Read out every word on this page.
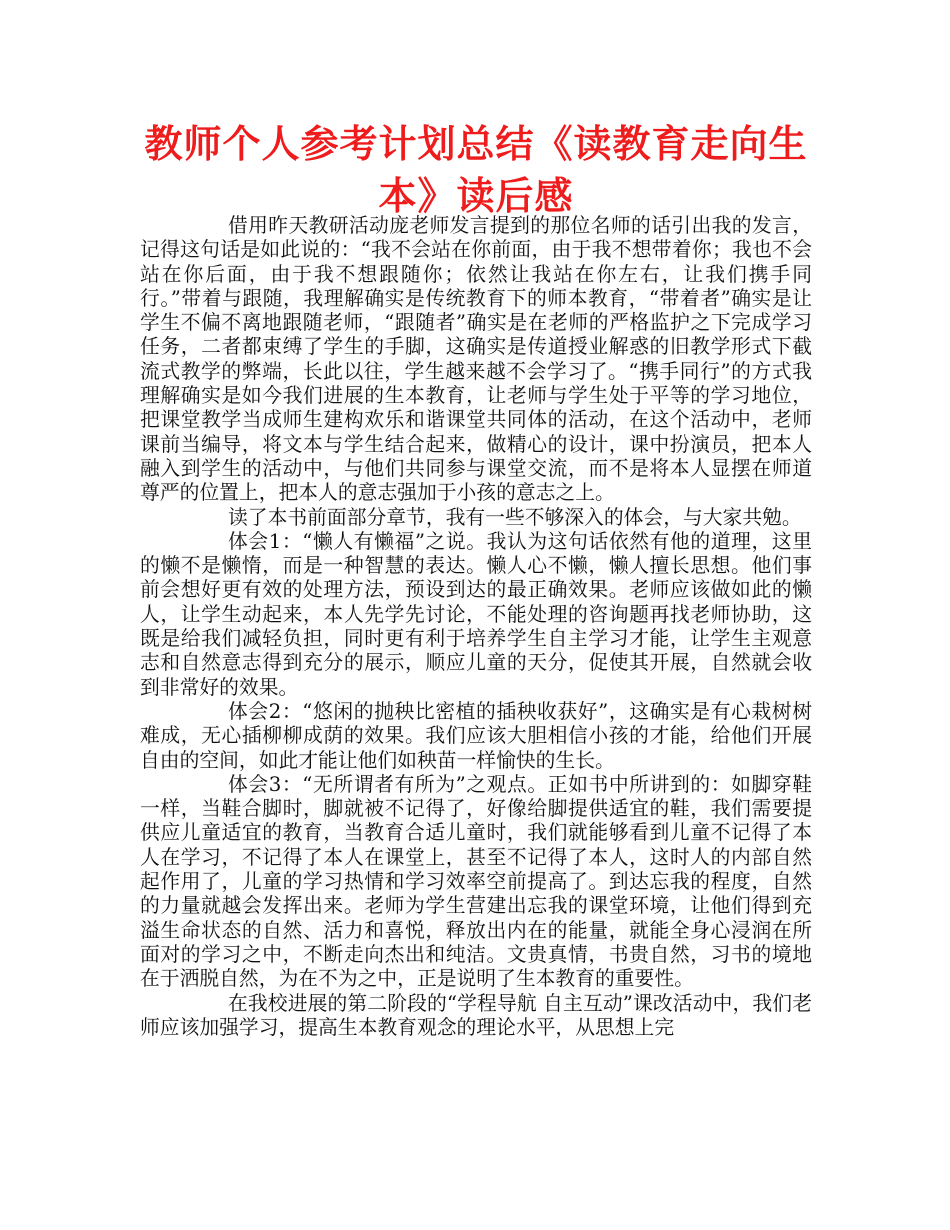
教师个人参考计划总结《读教育走向生本》读后感

借用昨天教研活动庞老师发言提到的那位名师的话引出我的发言，记得这句话是如此说的：“我不会站在你前面，由于我不想带着你；我也不会站在你后面，由于我不想跟随你；依然让我站在你左右，让我们携手同行。”带着与跟随，我理解确实是传统教育下的师本教育，“带着者”确实是让学生不偏不离地跟随老师，“跟随者”确实是在老师的严格监护之下完成学习任务，二者都束缚了学生的手脚，这确实是传道授业解惑的旧教学形式下截流式教学的弊端，长此以往，学生越来越不会学习了。“携手同行”的方式我理解确实是如今我们进展的生本教育，让老师与学生处于平等的学习地位，把课堂教学当成师生建构欢乐和谐课堂共同体的活动，在这个活动中，老师课前当编导，将文本与学生结合起来，做精心的设计，课中扮演员，把本人融入到学生的活动中，与他们共同参与课堂交流，而不是将本人显摆在师道尊严的位置上，把本人的意志强加于小孩的意志之上。

读了本书前面部分章节，我有一些不够深入的体会，与大家共勉。

体会1：“懒人有懒福”之说。我认为这句话依然有他的道理，这里的懒不是懒惰，而是一种智慧的表达。懒人心不懒，懒人擅长思想。他们事前会想好更有效的处理方法，预设到达的最正确效果。老师应该做如此的懒人，让学生动起来，本人先学先讨论，不能处理的咨询题再找老师协助，这既是给我们减轻负担，同时更有利于培养学生自主学习才能，让学生主观意志和自然意志得到充分的展示，顺应儿童的天分，促使其开展，自然就会收到非常好的效果。

体会2：“悠闲的抛秧比密植的插秧收获好”，这确实是有心栽树树难成，无心插柳柳成荫的效果。我们应该大胆相信小孩的才能，给他们开展自由的空间，如此才能让他们如秧苗一样愉快的生长。

体会3：“无所谓者有所为”之观点。正如书中所讲到的：如脚穿鞋一样，当鞋合脚时，脚就被不记得了，好像给脚提供适宜的鞋，我们需要提供应儿童适宜的教育，当教育合适儿童时，我们就能够看到儿童不记得了本人在学习，不记得了本人在课堂上，甚至不记得了本人，这时人的内部自然起作用了，儿童的学习热情和学习效率空前提高了。到达忘我的程度，自然的力量就越会发挥出来。老师为学生营建出忘我的课堂环境，让他们得到充溢生命状态的自然、活力和喜悦，释放出内在的能量，就能全身心浸润在所面对的学习之中，不断走向杰出和纯洁。文贵真情，书贵自然，习书的境地在于洒脱自然，为在不为之中，正是说明了生本教育的重要性。

在我校进展的第二阶段的“学程导航 自主互动”课改活动中，我们老师应该加强学习，提高生本教育观念的理论水平，从思想上完
